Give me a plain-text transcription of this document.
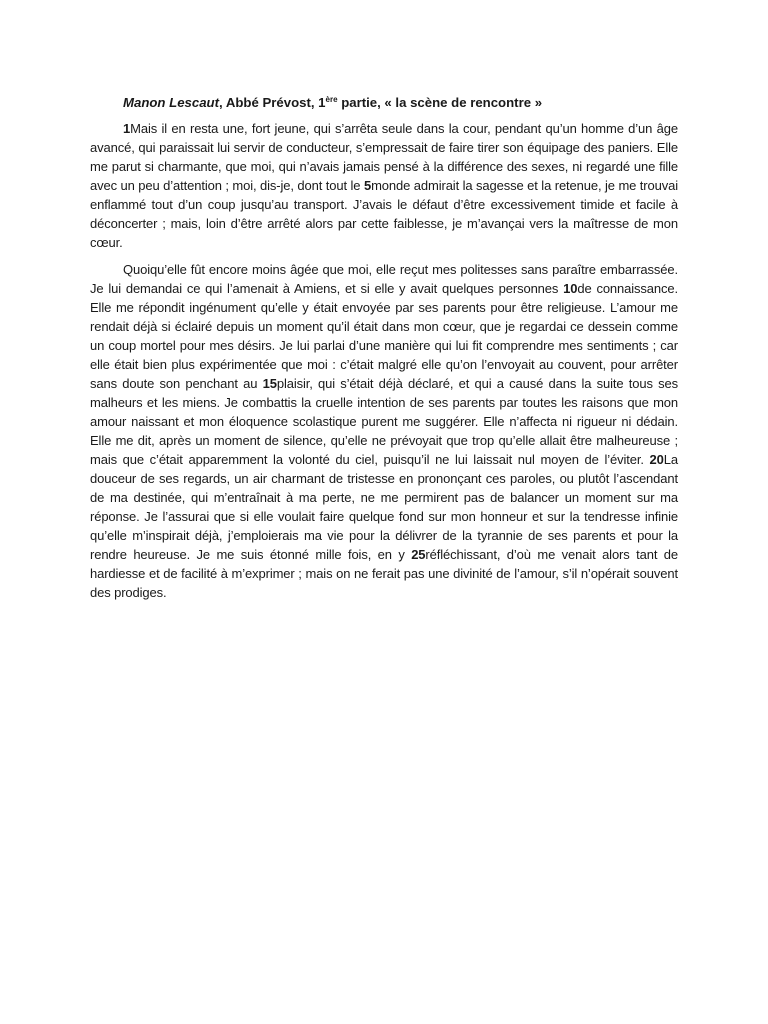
Manon Lescaut, Abbé Prévost, 1ère partie, « la scène de rencontre »

1Mais il en resta une, fort jeune, qui s’arrêta seule dans la cour, pendant qu’un homme d’un âge avancé, qui paraissait lui servir de conducteur, s’empressait de faire tirer son équipage des paniers. Elle me parut si charmante, que moi, qui n’avais jamais pensé à la différence des sexes, ni regardé une fille avec un peu d’attention ; moi, dis-je, dont tout le 5monde admirait la sagesse et la retenue, je me trouvai enflammé tout d’un coup jusqu’au transport. J’avais le défaut d’être excessivement timide et facile à déconcerter ; mais, loin d’être arrêté alors par cette faiblesse, je m’avançai vers la maîtresse de mon cœur.

Quoiqu’elle fût encore moins âgée que moi, elle reçut mes politesses sans paraître embarrassée. Je lui demandai ce qui l’amenait à Amiens, et si elle y avait quelques personnes 10de connaissance. Elle me répondit ingénument qu’elle y était envoyée par ses parents pour être religieuse. L’amour me rendait déjà si éclairé depuis un moment qu’il était dans mon cœur, que je regardai ce dessein comme un coup mortel pour mes désirs. Je lui parlai d’une manière qui lui fit comprendre mes sentiments ; car elle était bien plus expérimentée que moi : c’était malgré elle qu’on l’envoyait au couvent, pour arrêter sans doute son penchant au 15plaisir, qui s’était déjà déclaré, et qui a causé dans la suite tous ses malheurs et les miens. Je combattis la cruelle intention de ses parents par toutes les raisons que mon amour naissant et mon éloquence scolastique purent me suggérer. Elle n’affecta ni rigueur ni dédain. Elle me dit, après un moment de silence, qu’elle ne prévoyait que trop qu’elle allait être malheureuse ; mais que c’était apparemment la volonté du ciel, puisqu’il ne lui laissait nul moyen de l’éviter. 20La douceur de ses regards, un air charmant de tristesse en prononçant ces paroles, ou plutôt l’ascendant de ma destinée, qui m’entraînait à ma perte, ne me permirent pas de balancer un moment sur ma réponse. Je l’assurai que si elle voulait faire quelque fond sur mon honneur et sur la tendresse infinie qu’elle m’inspirait déjà, j’emploierais ma vie pour la délivrer de la tyrannie de ses parents et pour la rendre heureuse. Je me suis étonné mille fois, en y 25réfléchissant, d’où me venait alors tant de hardiesse et de facilité à m’exprimer ; mais on ne ferait pas une divinité de l’amour, s’il n’opérait souvent des prodiges.
